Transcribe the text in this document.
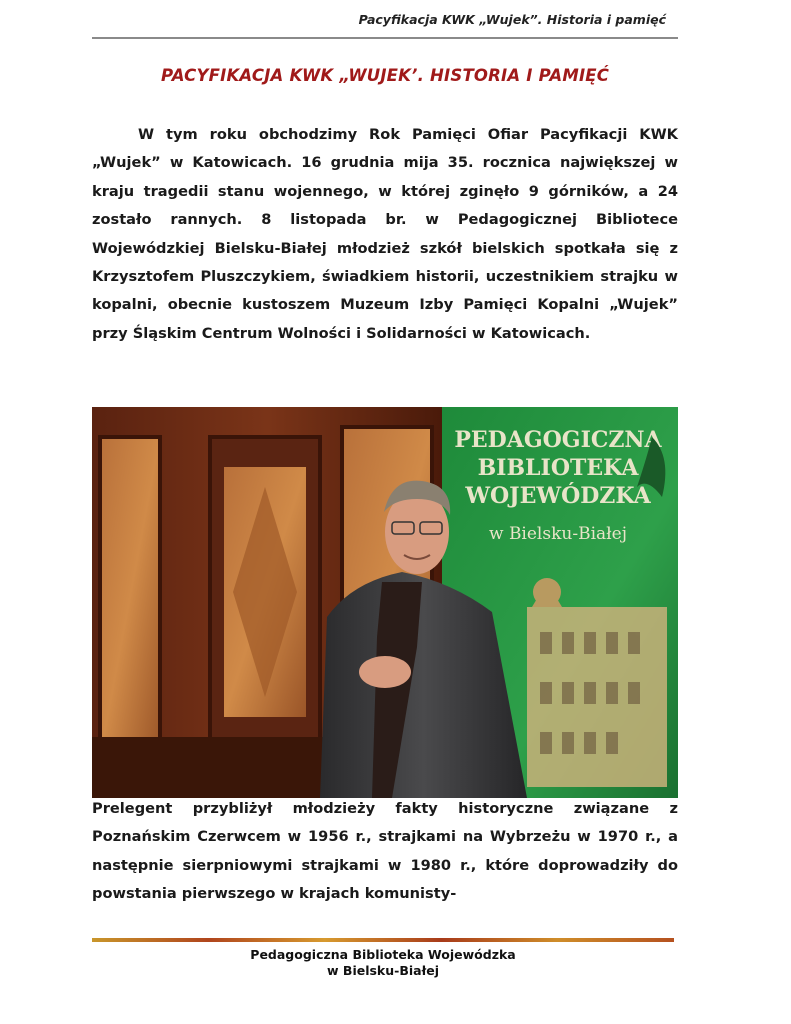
Pacyfikacja KWK „Wujek”. Historia i pamięć
PACYFIKACJA KWK „WUJEK’. HISTORIA I PAMIĘĆ
W tym roku obchodzimy Rok Pamięci Ofiar Pacyfikacji KWK „Wujek” w Katowicach. 16 grudnia mija 35. rocznica największej w kraju tragedii stanu wojennego, w której zginęło 9 górników, a 24 zostało rannych. 8 listopada br. w Pedagogicznej Bibliotece Wojewódzkiej Bielsku-Białej młodzież szkół bielskich spotkała się z Krzysztofem Pluszczykiem, świadkiem historii, uczestnikiem strajku w kopalni, obecnie kustoszem Muzeum Izby Pamięci Kopalni „Wujek” przy Śląskim Centrum Wolności i Solidarności w Katowicach.
PEDAGOGICZNA
BIBLIOTEKA
WOJEWÓDZKA
w Bielsku-Białej
Prelegent przybliżył młodzieży fakty historyczne związane z Poznańskim Czerwcem w 1956 r., strajkami na Wybrzeżu w 1970 r., a następnie sierpniowymi strajkami w 1980 r., które doprowadziły do powstania pierwszego w krajach komunisty-
Pedagogiczna Biblioteka Wojewódzka
w Bielsku-Białej
